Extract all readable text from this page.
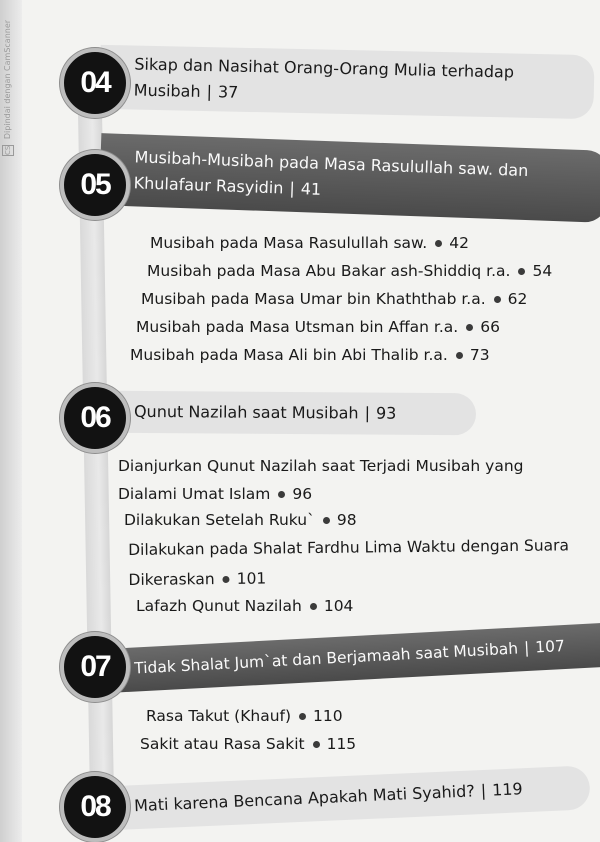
CS Dipindai dengan CamScanner	04	Sikap dan Nasihat Orang-Orang Mulia terhadap
Musibah | 37
05
Musibah-Musibah pada Masa Rasulullah saw. dan
Khulafaur Rasyidin | 41
Musibah pada Masa Rasulullah saw. 42
Musibah pada Masa Abu Bakar ash-Shiddiq r.a. 54
Musibah pada Masa Umar bin Khaththab r.a. 62
Musibah pada Masa Utsman bin Affan r.a. 66
Musibah pada Masa Ali bin Abi Thalib r.a. 73
06	Qunut Nazilah saat Musibah | 93
Dianjurkan Qunut Nazilah saat Terjadi Musibah yang
Dialami Umat Islam 96
Dilakukan Setelah Ruku` 98
Dilakukan pada Shalat Fardhu Lima Waktu dengan Suara
Dikeraskan 101
Lafazh Qunut Nazilah 104
07	Tidak Shalat Jum`at dan Berjamaah saat Musibah | 107
Rasa Takut (Khauf) 110
Sakit atau Rasa Sakit 115
08	Mati karena Bencana Apakah Mati Syahid? | 119
